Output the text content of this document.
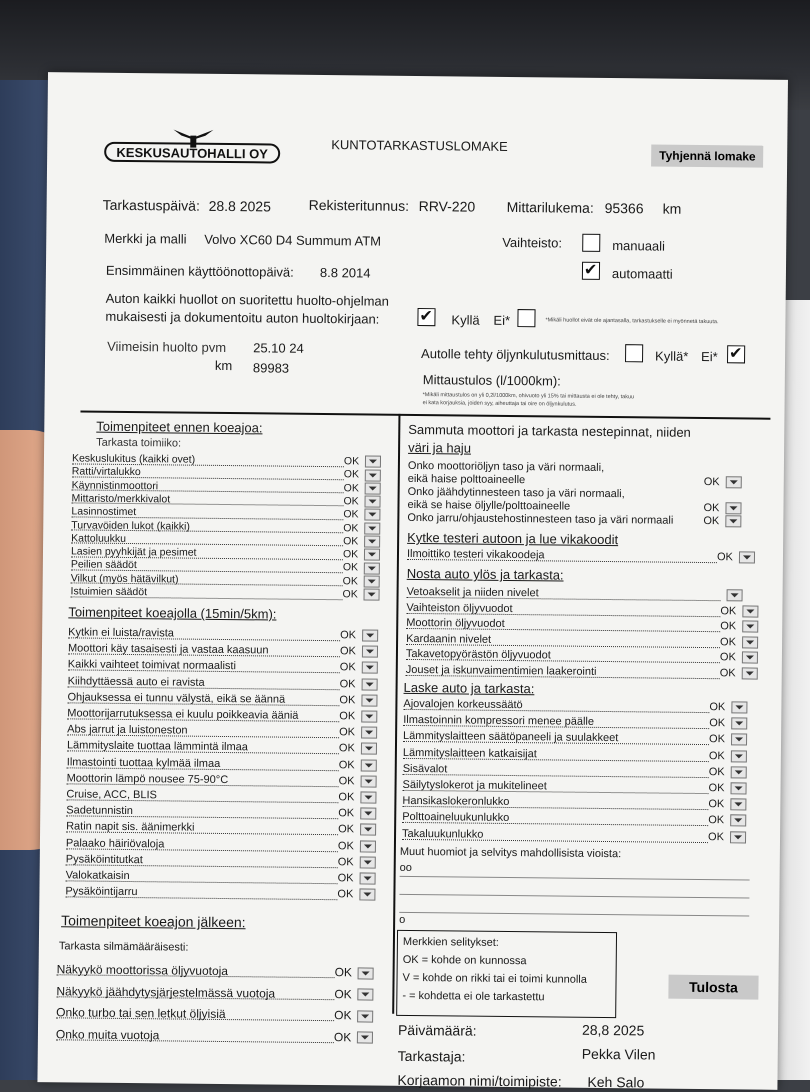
KESKUSAUTOHALLI OY	KUNTOTARKASTUSLOMAKE
Tyhjennä lomake
Tarkastuspäivä: 28.8 2025	Rekisteritunnus: RRV-220 Mittarilukema: 95366 km
Merkki ja malli Volvo XC60 D4 Summum ATM	Vaihteisto:	manuaali
✔
automaatti
Ensimmäinen käyttöönottopäivä: 8.8 2014
Auton kaikki huollot on suoritettu huolto-ohjelman
mukaisesti ja dokumentoitu auton huoltokirjaan:
✔	Kyllä Ei*	*Mikäli huollot eivät ole ajantasalla, tarkastukselle ei myönnetä takuuta.
Viimeisin huolto pvm 25.10 24
km 89983
Autolle tehty öljynkulutusmittaus:	Kyllä* Ei*
✔
Mittaustulos (l/1000km):
*Mikäli mittaustulos on yli 0,2l/1000km, ohivuoto yli 15% tai mittausta ei ole tehty, takuu
ei kata korjauksia, joiden syy, aiheuttaja tai oire on öljynkulutus.
Toimenpiteet ennen koeajoa:
Tarkasta toimiiko:
Keskuslukitus (kaikki ovet)	OK
Ratti/virtalukko	OK
Käynnistinmoottori	OK
Mittaristo/merkkivalot	OK
Lasinnostimet	OK
Turvavöiden lukot (kaikki)	OK
Kattoluukku	OK
Lasien pyyhkijät ja pesimet	OK
Peilien säädöt	OK
Vilkut (myös hätävilkut)	OK
Istuimien säädöt	OK
Toimenpiteet koeajolla (15min/5km):
Kytkin ei luista/ravista	OK
Moottori käy tasaisesti ja vastaa kaasuun	OK
Kaikki vaihteet toimivat normaalisti	OK
Kiihdyttäessä auto ei ravista	OK
Ohjauksessa ei tunnu välystä, eikä se äännä	OK
Moottorijarrutuksessa ei kuulu poikkeavia ääniä	OK
Abs jarrut ja luistoneston	OK
Lämmityslaite tuottaa lämmintä ilmaa	OK
Ilmastointi tuottaa kylmää ilmaa	OK
Moottorin lämpö nousee 75-90°C	OK
Cruise, ACC, BLIS	OK
Sadetunnistin	OK
Ratin napit sis. äänimerkki	OK
Palaako häiriövaloja	OK
Pysäköintitutkat	OK
Valokatkaisin	OK
Pysäköintijarru	OK
Toimenpiteet koeajon jälkeen:
Tarkasta silmämääräisesti:
Näkyykö moottorissa öljyvuotoja	OK
Näkyykö jäähdytysjärjestelmässä vuotoja	OK
Onko turbo tai sen letkut öljyisiä	OK
Onko muita vuotoja	OK
Sammuta moottori ja tarkasta nestepinnat, niiden
väri ja haju
Onko moottoriöljyn taso ja väri normaali,
eikä haise polttoaineelle	OK
Onko jäähdytinnesteen taso ja väri normaali,
eikä se haise öljylle/polttoaineelle	OK
Onko jarru/ohjaustehostinnesteen taso ja väri normaali	OK
Kytke testeri autoon ja lue vikakoodit
Ilmoittiko testeri vikakoodeja	OK
Nosta auto ylös ja tarkasta:
Vetoakselit ja niiden nivelet
Vaihteiston öljyvuodot	OK
Moottorin öljyvuodot	OK
Kardaanin nivelet	OK
Takavetopyörästön öljyvuodot	OK
Jouset ja iskunvaimentimien laakerointi	OK
Laske auto ja tarkasta:
Ajovalojen korkeussäätö	OK
Ilmastoinnin kompressori menee päälle	OK
Lämmityslaitteen säätöpaneeli ja suulakkeet	OK
Lämmityslaitteen katkaisijat	OK
Sisävalot	OK
Säilytyslokerot ja mukitelineet	OK
Hansikaslokeronlukko	OK
Polttoaineluukunlukko	OK
Takaluukunlukko	OK
Muut huomiot ja selvitys mahdollisista vioista:
oo
o
Merkkien selitykset:
OK = kohde on kunnossa
V = kohde on rikki tai ei toimi kunnolla
- = kohdetta ei ole tarkastettu
Tulosta
Päivämäärä:	28,8 2025
Tarkastaja:	Pekka Vilen
Korjaamon nimi/toimipiste: Keh Salo
